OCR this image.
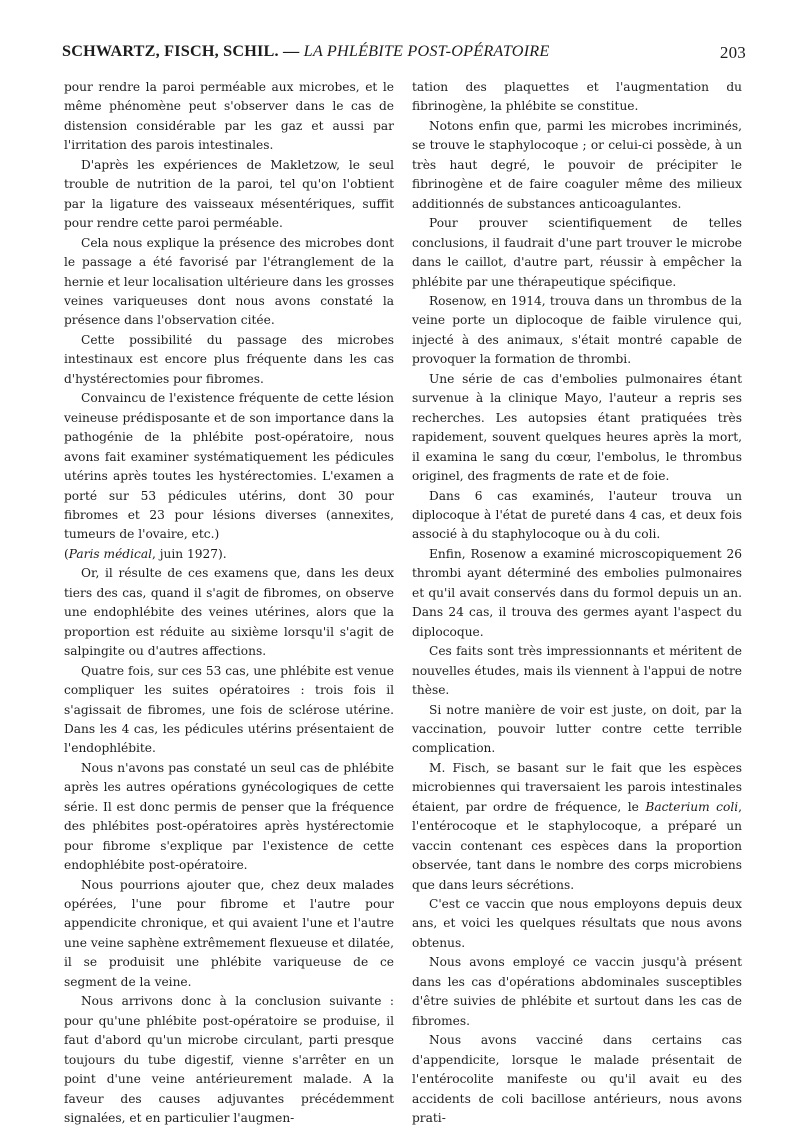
SCHWARTZ, FISCH, SCHIL. — LA PHLÉBITE POST-OPÉRATOIRE	203

pour rendre la paroi perméable aux microbes, et le même phénomène peut s'observer dans le cas de distension considérable par les gaz et aussi par l'irritation des parois intestinales.

D'après les expériences de Makletzow, le seul trouble de nutrition de la paroi, tel qu'on l'obtient par la ligature des vaisseaux mésentériques, suffit pour rendre cette paroi perméable.

Cela nous explique la présence des microbes dont le passage a été favorisé par l'étranglement de la hernie et leur localisation ultérieure dans les grosses veines variqueuses dont nous avons constaté la présence dans l'observation citée.

Cette possibilité du passage des microbes intestinaux est encore plus fréquente dans les cas d'hystérectomies pour fibromes.

Convaincu de l'existence fréquente de cette lésion veineuse prédisposante et de son importance dans la pathogénie de la phlébite post-opératoire, nous avons fait examiner systématiquement les pédicules utérins après toutes les hystérectomies. L'examen a porté sur 53 pédicules utérins, dont 30 pour fibromes et 23 pour lésions diverses (annexites, tumeurs de l'ovaire, etc.)

(Paris médical, juin 1927).

Or, il résulte de ces examens que, dans les deux tiers des cas, quand il s'agit de fibromes, on observe une endophlébite des veines utérines, alors que la proportion est réduite au sixième lorsqu'il s'agit de salpingite ou d'autres affections.

Quatre fois, sur ces 53 cas, une phlébite est venue compliquer les suites opératoires : trois fois il s'agissait de fibromes, une fois de sclérose utérine. Dans les 4 cas, les pédicules utérins présentaient de l'endophlébite.

Nous n'avons pas constaté un seul cas de phlébite après les autres opérations gynécologiques de cette série. Il est donc permis de penser que la fréquence des phlébites post-opératoires après hystérectomie pour fibrome s'explique par l'existence de cette endophlébite post-opératoire.

Nous pourrions ajouter que, chez deux malades opérées, l'une pour fibrome et l'autre pour appendicite chronique, et qui avaient l'une et l'autre une veine saphène extrêmement flexueuse et dilatée, il se produisit une phlébite variqueuse de ce segment de la veine.

Nous arrivons donc à la conclusion suivante : pour qu'une phlébite post-opératoire se produise, il faut d'abord qu'un microbe circulant, parti presque toujours du tube digestif, vienne s'arrêter en un point d'une veine antérieurement malade. A la faveur des causes adjuvantes précédemment signalées, et en particulier l'augmen-

tation des plaquettes et l'augmentation du fibrinogène, la phlébite se constitue.

Notons enfin que, parmi les microbes incriminés, se trouve le staphylocoque ; or celui-ci possède, à un très haut degré, le pouvoir de précipiter le fibrinogène et de faire coaguler même des milieux additionnés de substances anticoagulantes.

Pour prouver scientifiquement de telles conclusions, il faudrait d'une part trouver le microbe dans le caillot, d'autre part, réussir à empêcher la phlébite par une thérapeutique spécifique.

Rosenow, en 1914, trouva dans un thrombus de la veine porte un diplocoque de faible virulence qui, injecté à des animaux, s'était montré capable de provoquer la formation de thrombi.

Une série de cas d'embolies pulmonaires étant survenue à la clinique Mayo, l'auteur a repris ses recherches. Les autopsies étant pratiquées très rapidement, souvent quelques heures après la mort, il examina le sang du cœur, l'embolus, le thrombus originel, des fragments de rate et de foie.

Dans 6 cas examinés, l'auteur trouva un diplocoque à l'état de pureté dans 4 cas, et deux fois associé à du staphylocoque ou à du coli.

Enfin, Rosenow a examiné microscopiquement 26 thrombi ayant déterminé des embolies pulmonaires et qu'il avait conservés dans du formol depuis un an. Dans 24 cas, il trouva des germes ayant l'aspect du diplocoque.

Ces faits sont très impressionnants et méritent de nouvelles études, mais ils viennent à l'appui de notre thèse.

Si notre manière de voir est juste, on doit, par la vaccination, pouvoir lutter contre cette terrible complication.

M. Fisch, se basant sur le fait que les espèces microbiennes qui traversaient les parois intestinales étaient, par ordre de fréquence, le Bacterium coli, l'entérocoque et le staphylocoque, a préparé un vaccin contenant ces espèces dans la proportion observée, tant dans le nombre des corps microbiens que dans leurs sécrétions.

C'est ce vaccin que nous employons depuis deux ans, et voici les quelques résultats que nous avons obtenus.

Nous avons employé ce vaccin jusqu'à présent dans les cas d'opérations abdominales susceptibles d'être suivies de phlébite et surtout dans les cas de fibromes.

Nous avons vacciné dans certains cas d'appendicite, lorsque le malade présentait de l'entérocolite manifeste ou qu'il avait eu des accidents de coli bacillose antérieurs, nous avons prati-
